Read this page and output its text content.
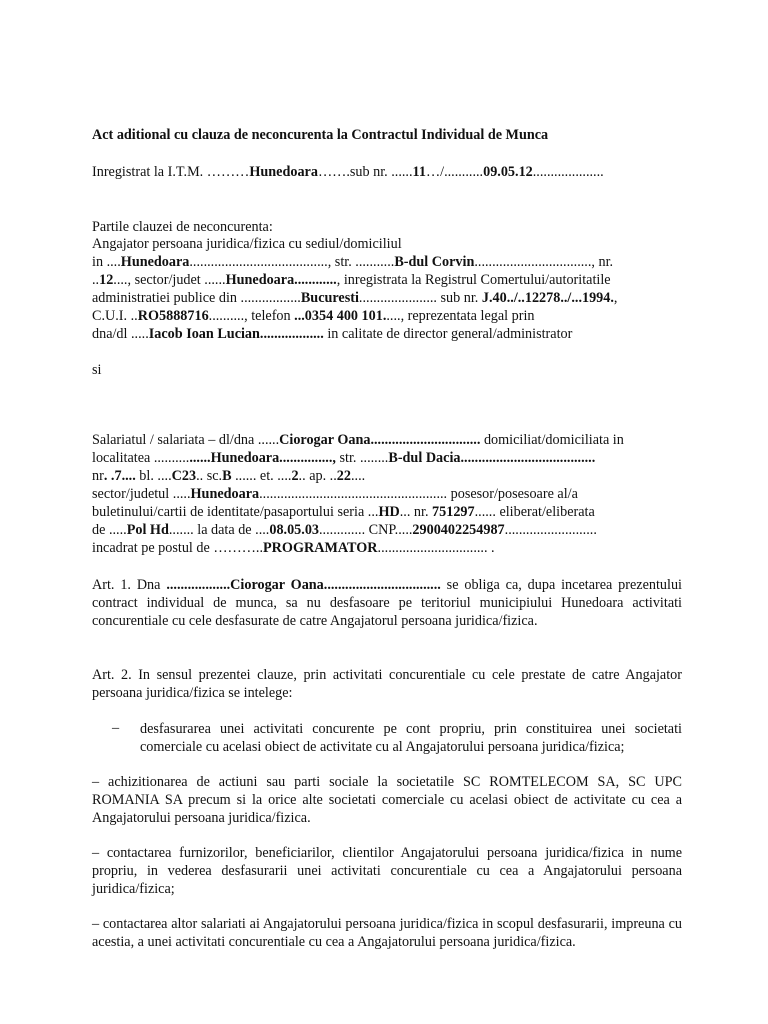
Act aditional cu clauza de neconcurenta la Contractul Individual de Munca
Inregistrat la I.T.M. ………Hunedoara…….sub nr. ......11…/...........09.05.12....................
Partile clauzei de neconcurenta:
Angajator persoana juridica/fizica cu sediul/domiciliul
in ....Hunedoara......................................., str. ...........B-dul Corvin................................., nr.
..12...., sector/judet ......Hunedoara............, inregistrata la Registrul Comertului/autoritatile
administratiei publice din .................Bucuresti...................... sub nr. J.40../..12278../...1994.,
C.U.I. ..RO5888716.........., telefon ...0354 400 101....., reprezentata legal prin
dna/dl .....Iacob Ioan Lucian.................. in calitate de director general/administrator
si
Salariatul / salariata – dl/dna ......Ciorogar Oana............................... domiciliat/domiciliata in
localitatea ................Hunedoara..............., str. ........B-dul Dacia......................................
nr. .7.... bl. ....C23.. sc.B ...... et. ....2.. ap. ..22....
sector/judetul .....Hunedoara..................................................... posesor/posesoare al/a
buletinului/cartii de identitate/pasaportului seria ...HD... nr. 751297...... eliberat/eliberata
de .....Pol Hd....... la data de ....08.05.03............. CNP.....2900402254987..........................
incadrat pe postul de ………..PROGRAMATOR............................... .
Art. 1. Dna ..................Ciorogar Oana................................. se obliga ca, dupa incetarea prezentului contract individual de munca, sa nu desfasoare pe teritoriul municipiului Hunedoara activitati concurentiale cu cele desfasurate de catre Angajatorul persoana juridica/fizica.
Art. 2. In sensul prezentei clauze, prin activitati concurentiale cu cele prestate de catre Angajator persoana juridica/fizica se intelege:
– desfasurarea unei activitati concurente pe cont propriu, prin constituirea unei societati comerciale cu acelasi obiect de activitate cu al Angajatorului persoana juridica/fizica;
– achizitionarea de actiuni sau parti sociale la societatile SC ROMTELECOM SA, SC UPC ROMANIA SA precum si la orice alte societati comerciale cu acelasi obiect de activitate cu cea a Angajatorului persoana juridica/fizica.
– contactarea furnizorilor, beneficiarilor, clientilor Angajatorului persoana juridica/fizica in nume propriu, in vederea desfasurarii unei activitati concurentiale cu cea a Angajatorului persoana juridica/fizica;
– contactarea altor salariati ai Angajatorului persoana juridica/fizica in scopul desfasurarii, impreuna cu acestia, a unei activitati concurentiale cu cea a Angajatorului persoana juridica/fizica.
